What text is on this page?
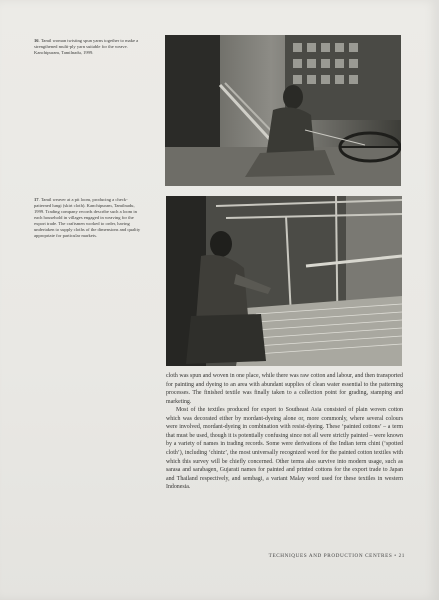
16. Tamil woman twisting spun yarns together to make a strengthened multi-ply yarn suitable for the weave. Kanchipuram, Tamilnadu, 1999.
17. Tamil weaver at a pit loom, producing a check-patterned lungi (skirt cloth). Kanchipuram, Tamilnadu, 1999. Trading company records describe such a loom in each household in villages engaged in weaving for the export trade. The craftsmen worked to order, having undertaken to supply cloths of the dimensions and quality appropriate for particular markets.
cloth was spun and woven in one place, while there was raw cotton and labour, and then transported for painting and dyeing to an area with abundant supplies of clean water essential to the patterning processes. The finished textile was finally taken to a collection point for grading, stamping and marketing.
Most of the textiles produced for export to Southeast Asia consisted of plain woven cotton which was decorated either by mordant-dyeing alone or, more commonly, where several colours were involved, mordant-dyeing in combination with resist-dyeing. These ‘painted cottons’ – a term that must be used, though it is potentially confusing since not all were strictly painted – were known by a variety of names in trading records. Some were derivations of the Indian term chint (‘spotted cloth’), including ‘chintz’, the most universally recognized word for the painted cotton textiles with which this survey will be chiefly concerned. Other terms also survive into modern usage, such as sarasa and sarabagen, Gujarati names for painted and printed cottons for the export trade to Japan and Thailand respectively, and sembagi, a variant Malay word used for these textiles in western Indonesia.
TECHNIQUES AND PRODUCTION CENTRES • 21
